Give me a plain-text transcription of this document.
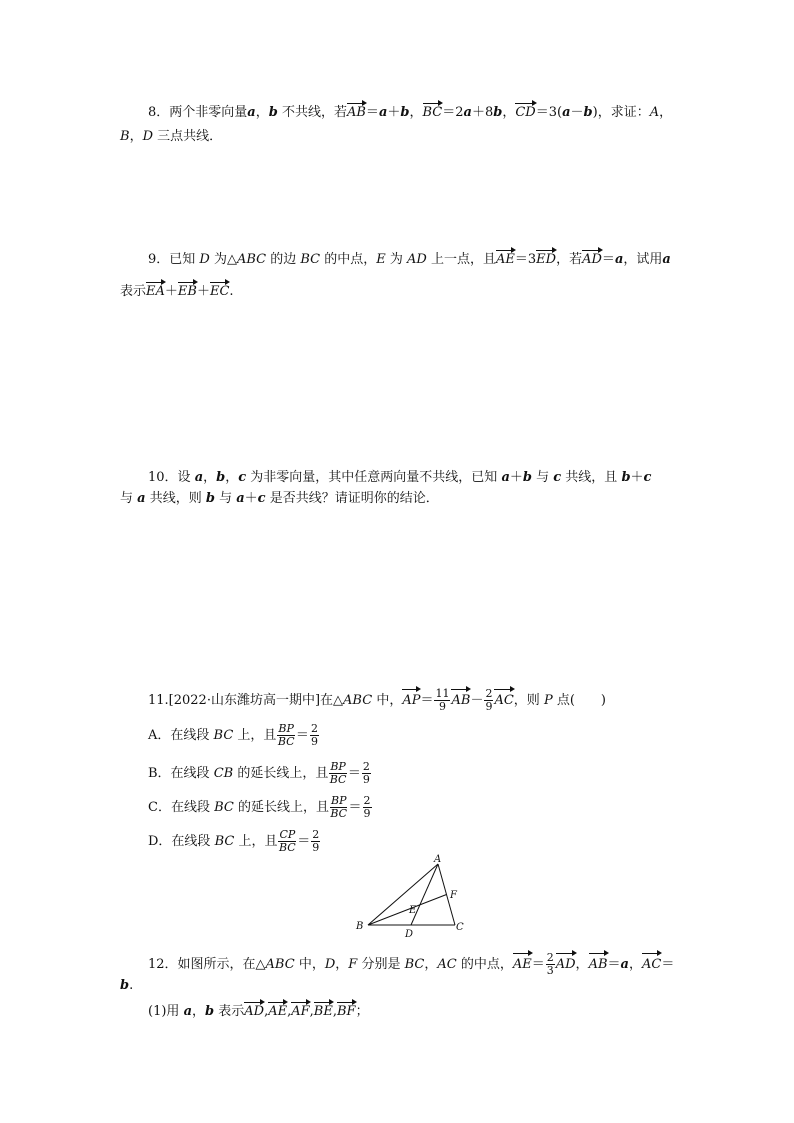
8．两个非零向量a，b 不共线，若AB＝a＋b，BC＝2a＋8b，CD＝3(a－b)，求证：A，
B，D 三点共线．
9．已知 D 为△ABC 的边 BC 的中点，E 为 AD 上一点，且AE＝3ED，若AD＝a，试用a
表示EA＋EB＋EC.
10．设 a，b，c 为非零向量，其中任意两向量不共线，已知 a＋b 与 c 共线，且 b＋c
与 a 共线，则 b 与 a＋c 是否共线？请证明你的结论．
11.[2022·山东潍坊高一期中]在△ABC 中，$AP= \frac{11}{9} AB- \frac{2}{9}$ AC，则 P 点(　　)
A．在线段 BC 上，且 $\frac{BP}{BC} = \frac{2}{9}$
B．在线段 CB 的延长线上，且 $\frac{BP}{BC} = \frac{2}{9}$
C．在线段 BC 的延长线上，且 $\frac{BP}{BC} = \frac{2}{9}$
D．在线段 BC 上，且 $\frac{CP}{BC} = \frac{2}{9}$
A
B	C
D
E
F
12．如图所示，在△ABC 中，D，F 分别是 BC，AC 的中点，$AE= \frac{2}{3}$ AD，AB＝a，AC＝
b.
(1)用 a，b 表示AD,AE,AF,BE,BF；
